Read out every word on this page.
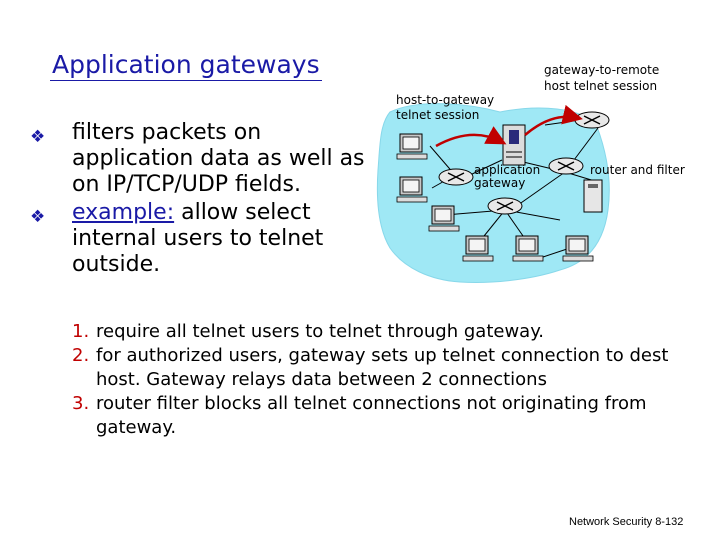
Application gateways
❖ filters packets on application data as well as on IP/TCP/UDP fields.
❖ example: allow select internal users to telnet outside.
host-to-gateway
telnet session
gateway-to-remote
host telnet session
application
gateway
router and filter
1. require all telnet users to telnet through gateway.
2. for authorized users, gateway sets up telnet connection to dest host. Gateway relays data between 2 connections
3. router filter blocks all telnet connections not originating from gateway.
Network Security 8-132
